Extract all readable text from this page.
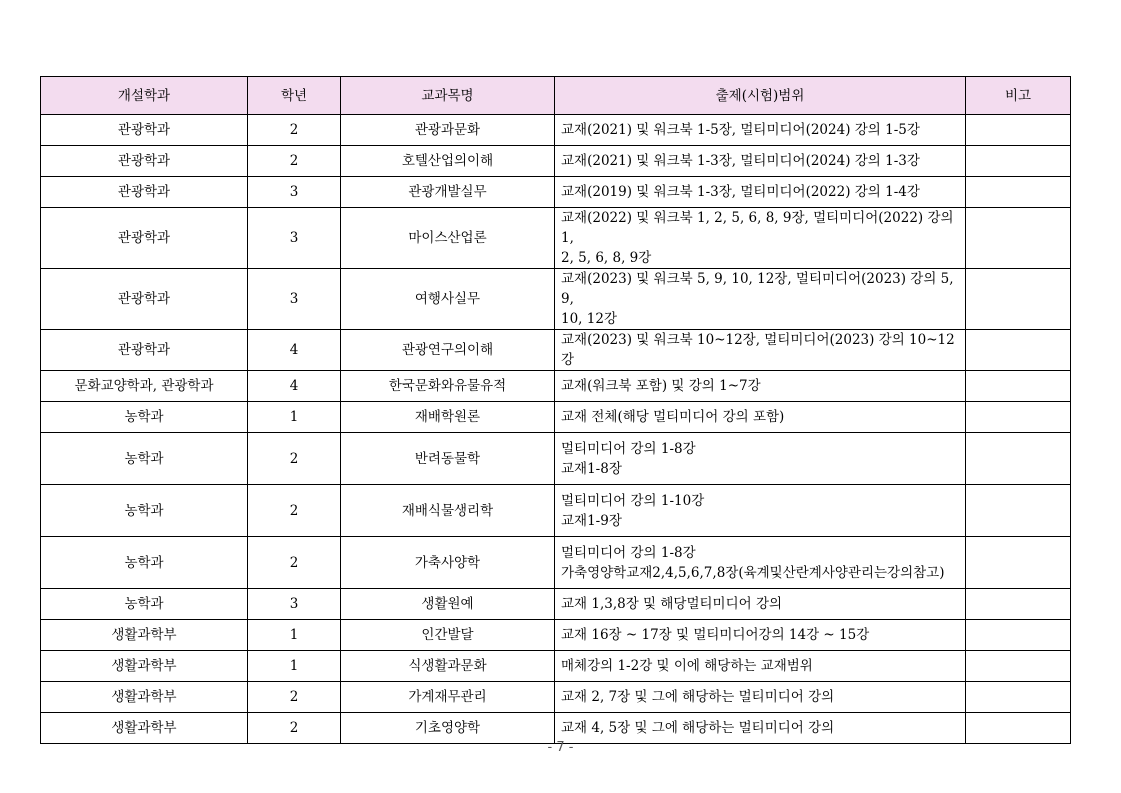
개설학과	학년	교과목명	출제(시험)범위	비고
관광학과	2	관광과문화	교재(2021) 및 워크북 1-5장, 멀티미디어(2024) 강의 1-5강	
관광학과	2	호텔산업의이해	교재(2021) 및 워크북 1-3장, 멀티미디어(2024) 강의 1-3강	
관광학과	3	관광개발실무	교재(2019) 및 워크북 1-3장, 멀티미디어(2022) 강의 1-4강	
관광학과	3	마이스산업론	교재(2022) 및 워크북 1, 2, 5, 6, 8, 9장, 멀티미디어(2022) 강의 1,
2, 5, 6, 8, 9강	
관광학과	3	여행사실무	교재(2023) 및 워크북 5, 9, 10, 12장, 멀티미디어(2023) 강의 5, 9,
10, 12강	
관광학과	4	관광연구의이해	교재(2023) 및 워크북 10~12장, 멀티미디어(2023) 강의 10~12강	
문화교양학과, 관광학과	4	한국문화와유물유적	교재(워크북 포함) 및 강의 1~7강	
농학과	1	재배학원론	교재 전체(해당 멀티미디어 강의 포함)	
농학과	2	반려동물학	멀티미디어 강의 1-8강
교재1-8장	
농학과	2	재배식물생리학	멀티미디어 강의 1-10강
교재1-9장	
농학과	2	가축사양학	멀티미디어 강의 1-8강
가축영양학교재2,4,5,6,7,8장(육계및산란계사양관리는강의참고)	
농학과	3	생활원예	교재 1,3,8장 및 해당멀티미디어 강의	
생활과학부	1	인간발달	교재 16장 ~ 17장 및 멀티미디어강의 14강 ~ 15강	
생활과학부	1	식생활과문화	매체강의 1-2강 및 이에 해당하는 교재범위	
생활과학부	2	가계재무관리	교재 2, 7장 및 그에 해당하는 멀티미디어 강의	
생활과학부	2	기초영양학	교재 4, 5장 및 그에 해당하는 멀티미디어 강의	
- 7 -
